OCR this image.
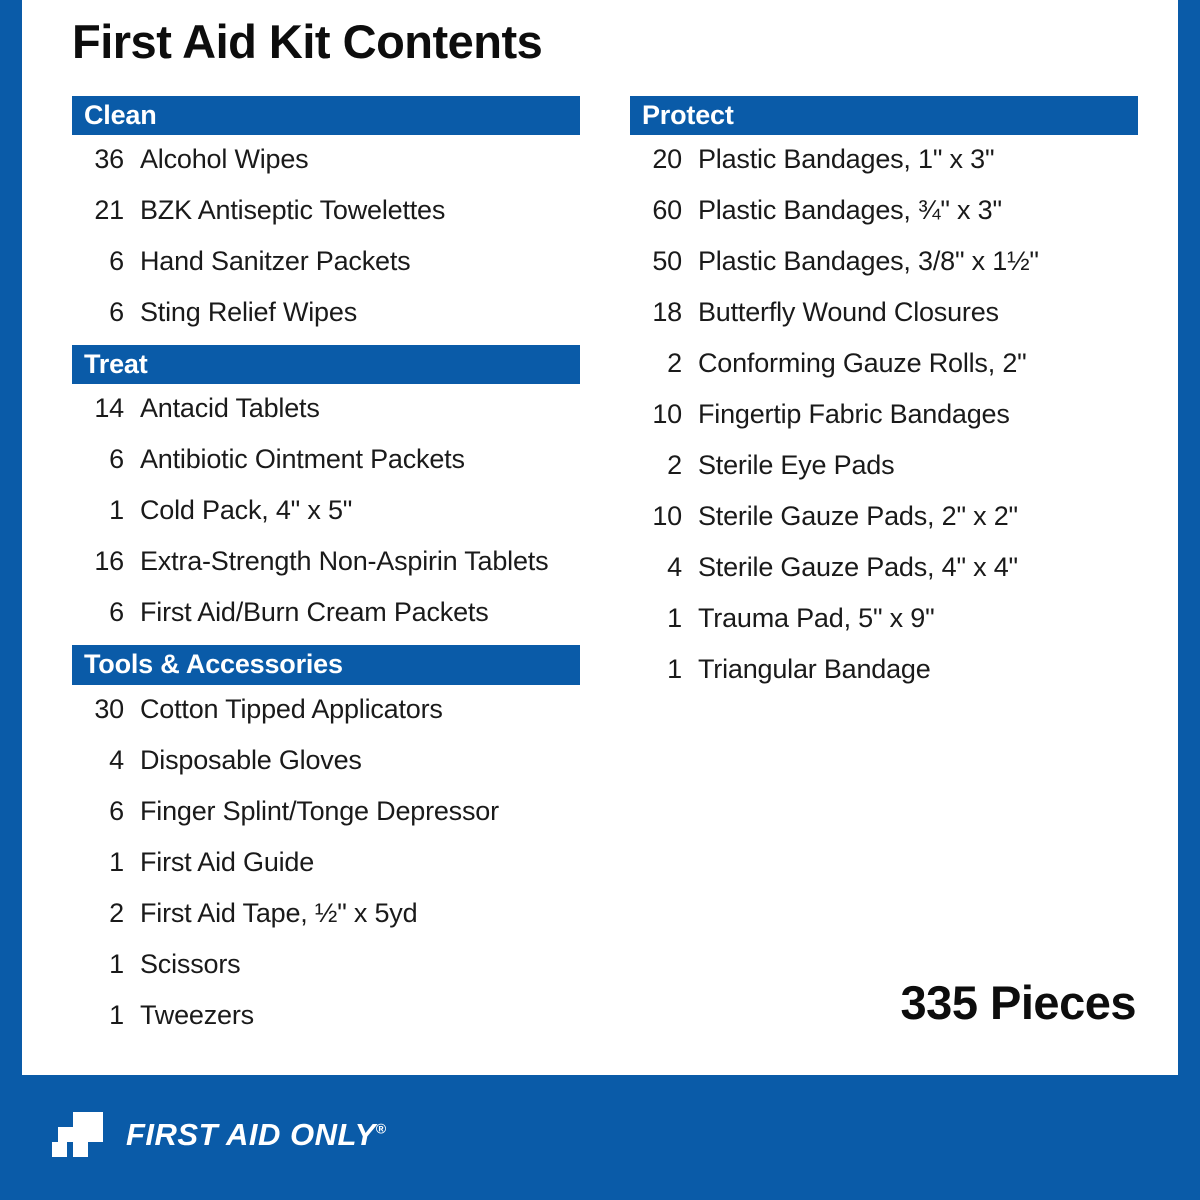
First Aid Kit Contents
Clean
36 Alcohol Wipes
21 BZK Antiseptic Towelettes
6 Hand Sanitzer Packets
6 Sting Relief Wipes
Treat
14 Antacid Tablets
6 Antibiotic Ointment Packets
1 Cold Pack, 4" x 5"
16 Extra-Strength Non-Aspirin Tablets
6 First Aid/Burn Cream Packets
Tools & Accessories
30 Cotton Tipped Applicators
4 Disposable Gloves
6 Finger Splint/Tonge Depressor
1 First Aid Guide
2 First Aid Tape, ½" x 5yd
1 Scissors
1 Tweezers
Protect
20 Plastic Bandages, 1" x 3"
60 Plastic Bandages, ¾" x 3"
50 Plastic Bandages, 3/8" x 1½"
18 Butterfly Wound Closures
2 Conforming Gauze Rolls, 2"
10 Fingertip Fabric Bandages
2 Sterile Eye Pads
10 Sterile Gauze Pads, 2" x 2"
4 Sterile Gauze Pads, 4" x 4"
1 Trauma Pad, 5" x 9"
1 Triangular Bandage
335 Pieces
FIRST AID ONLY®
